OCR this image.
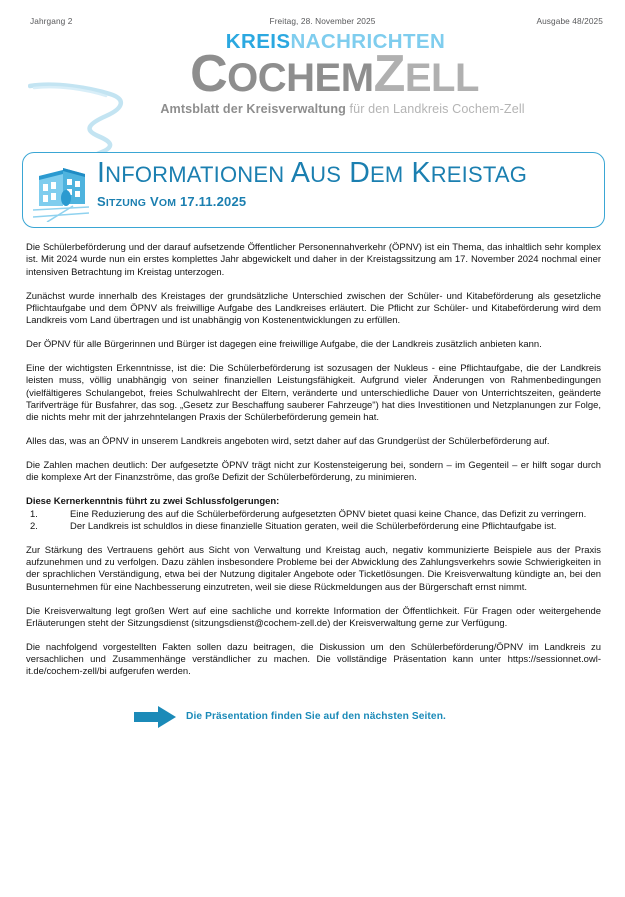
Jahrgang 2	Freitag, 28. November 2025	Ausgabe 48/2025
KREISNACHRICHTEN
COCHEMZELL
Amtsblatt der Kreisverwaltung für den Landkreis Cochem-Zell
INFORMATIONEN AUS DEM KREISTAG
SITZUNG VOM 17.11.2025

Die Schülerbeförderung und der darauf aufsetzende Öffentlicher Personennahverkehr (ÖPNV) ist ein Thema, das inhaltlich sehr komplex ist. Mit 2024 wurde nun ein erstes komplettes Jahr abgewickelt und daher in der Kreistagssitzung am 17. November 2024 nochmal einer intensiven Betrachtung im Kreistag unterzogen.

Zunächst wurde innerhalb des Kreistages der grundsätzliche Unterschied zwischen der Schüler- und Kitabeförderung als gesetzliche Pflichtaufgabe und dem ÖPNV als freiwillige Aufgabe des Landkreises erläutert. Die Pflicht zur Schüler- und Kitabeförderung wird dem Landkreis vom Land übertragen und ist unabhängig von Kostenentwicklungen zu erfüllen.

Der ÖPNV für alle Bürgerinnen und Bürger ist dagegen eine freiwillige Aufgabe, die der Landkreis zusätzlich anbieten kann.

Eine der wichtigsten Erkenntnisse, ist die: Die Schülerbeförderung ist sozusagen der Nukleus - eine Pflichtaufgabe, die der Landkreis leisten muss, völlig unabhängig von seiner finanziellen Leistungsfähigkeit. Aufgrund vieler Änderungen von Rahmenbedingungen (vielfältigeres Schulangebot, freies Schulwahlrecht der Eltern, veränderte und unterschiedliche Dauer von Unterrichtszeiten, geänderte Tarifverträge für Busfahrer, das sog. „Gesetz zur Beschaffung sauberer Fahrzeuge") hat dies Investitionen und Netzplanungen zur Folge, die nichts mehr mit der jahrzehntelangen Praxis der Schülerbeförderung gemein hat.

Alles das, was an ÖPNV in unserem Landkreis angeboten wird, setzt daher auf das Grundgerüst der Schülerbeförderung auf.

Die Zahlen machen deutlich: Der aufgesetzte ÖPNV trägt nicht zur Kostensteigerung bei, sondern – im Gegenteil – er hilft sogar durch die komplexe Art der Finanzströme, das große Defizit der Schülerbeförderung, zu minimieren.

Diese Kernerkenntnis führt zu zwei Schlussfolgerungen:

1.	Eine Reduzierung des auf die Schülerbeförderung aufgesetzten ÖPNV bietet quasi keine Chance, das Defizit zu verringern.
2.	Der Landkreis ist schuldlos in diese finanzielle Situation geraten, weil die Schülerbeförderung eine Pflichtaufgabe ist.

Zur Stärkung des Vertrauens gehört aus Sicht von Verwaltung und Kreistag auch, negativ kommunizierte Beispiele aus der Praxis aufzunehmen und zu verfolgen. Dazu zählen insbesondere Probleme bei der Abwicklung des Zahlungsverkehrs sowie Schwierigkeiten in der sprachlichen Verständigung, etwa bei der Nutzung digitaler Angebote oder Ticketlösungen. Die Kreisverwaltung kündigte an, bei den Busunternehmen für eine Nachbesserung einzutreten, weil sie diese Rückmeldungen aus der Bürgerschaft ernst nimmt.

Die Kreisverwaltung legt großen Wert auf eine sachliche und korrekte Information der Öffentlichkeit. Für Fragen oder weitergehende Erläuterungen steht der Sitzungsdienst (sitzungsdienst@cochem-zell.de) der Kreisverwaltung gerne zur Verfügung.

Die nachfolgend vorgestellten Fakten sollen dazu beitragen, die Diskussion um den Schülerbeförderung/ÖPNV im Landkreis zu versachlichen und Zusammenhänge verständlicher zu machen. Die vollständige Präsentation kann unter https://sessionnet.owl-it.de/cochem-zell/bi aufgerufen werden.

Die Präsentation finden Sie auf den nächsten Seiten.
